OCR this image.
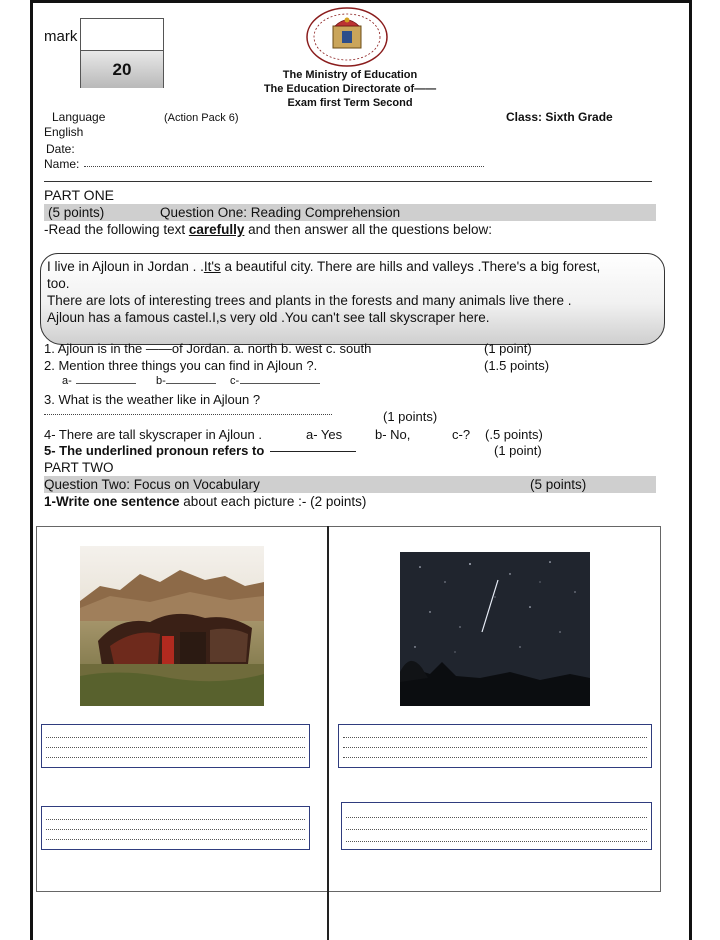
mark
20	The Ministry of Education
The Education Directorate of——
Exam first Term Second
Language
English
(Action Pack 6)	Class: Sixth Grade
Date:
Name:
PART ONE
(5 points)	Question One: Reading Comprehension
-Read the following text carefully and then answer all the questions below:
I live in Ajloun in Jordan . .It's a beautiful city. There are hills and valleys .There's a big forest,
too.
There are lots of interesting trees and plants in the forests and many animals live there .
Ajloun has a famous castel.I,s very old .You can't see tall skyscraper here.
1. Ajloun is in the ——of Jordan. a. north b. west c. south	(1 point)
2. Mention three things you can find in Ajloun ?.	(1.5 points)
a-	b-	c-
3. What is the weather like in Ajloun ?
(1 points)
4- There are tall skyscraper in Ajloun .	a- Yes	b- No,	c-? (.5 points)
5- The underlined pronoun refers to	(1 point)
PART TWO
Question Two: Focus on Vocabulary	(5 points)
1-Write one sentence about each picture :- (2 points)
